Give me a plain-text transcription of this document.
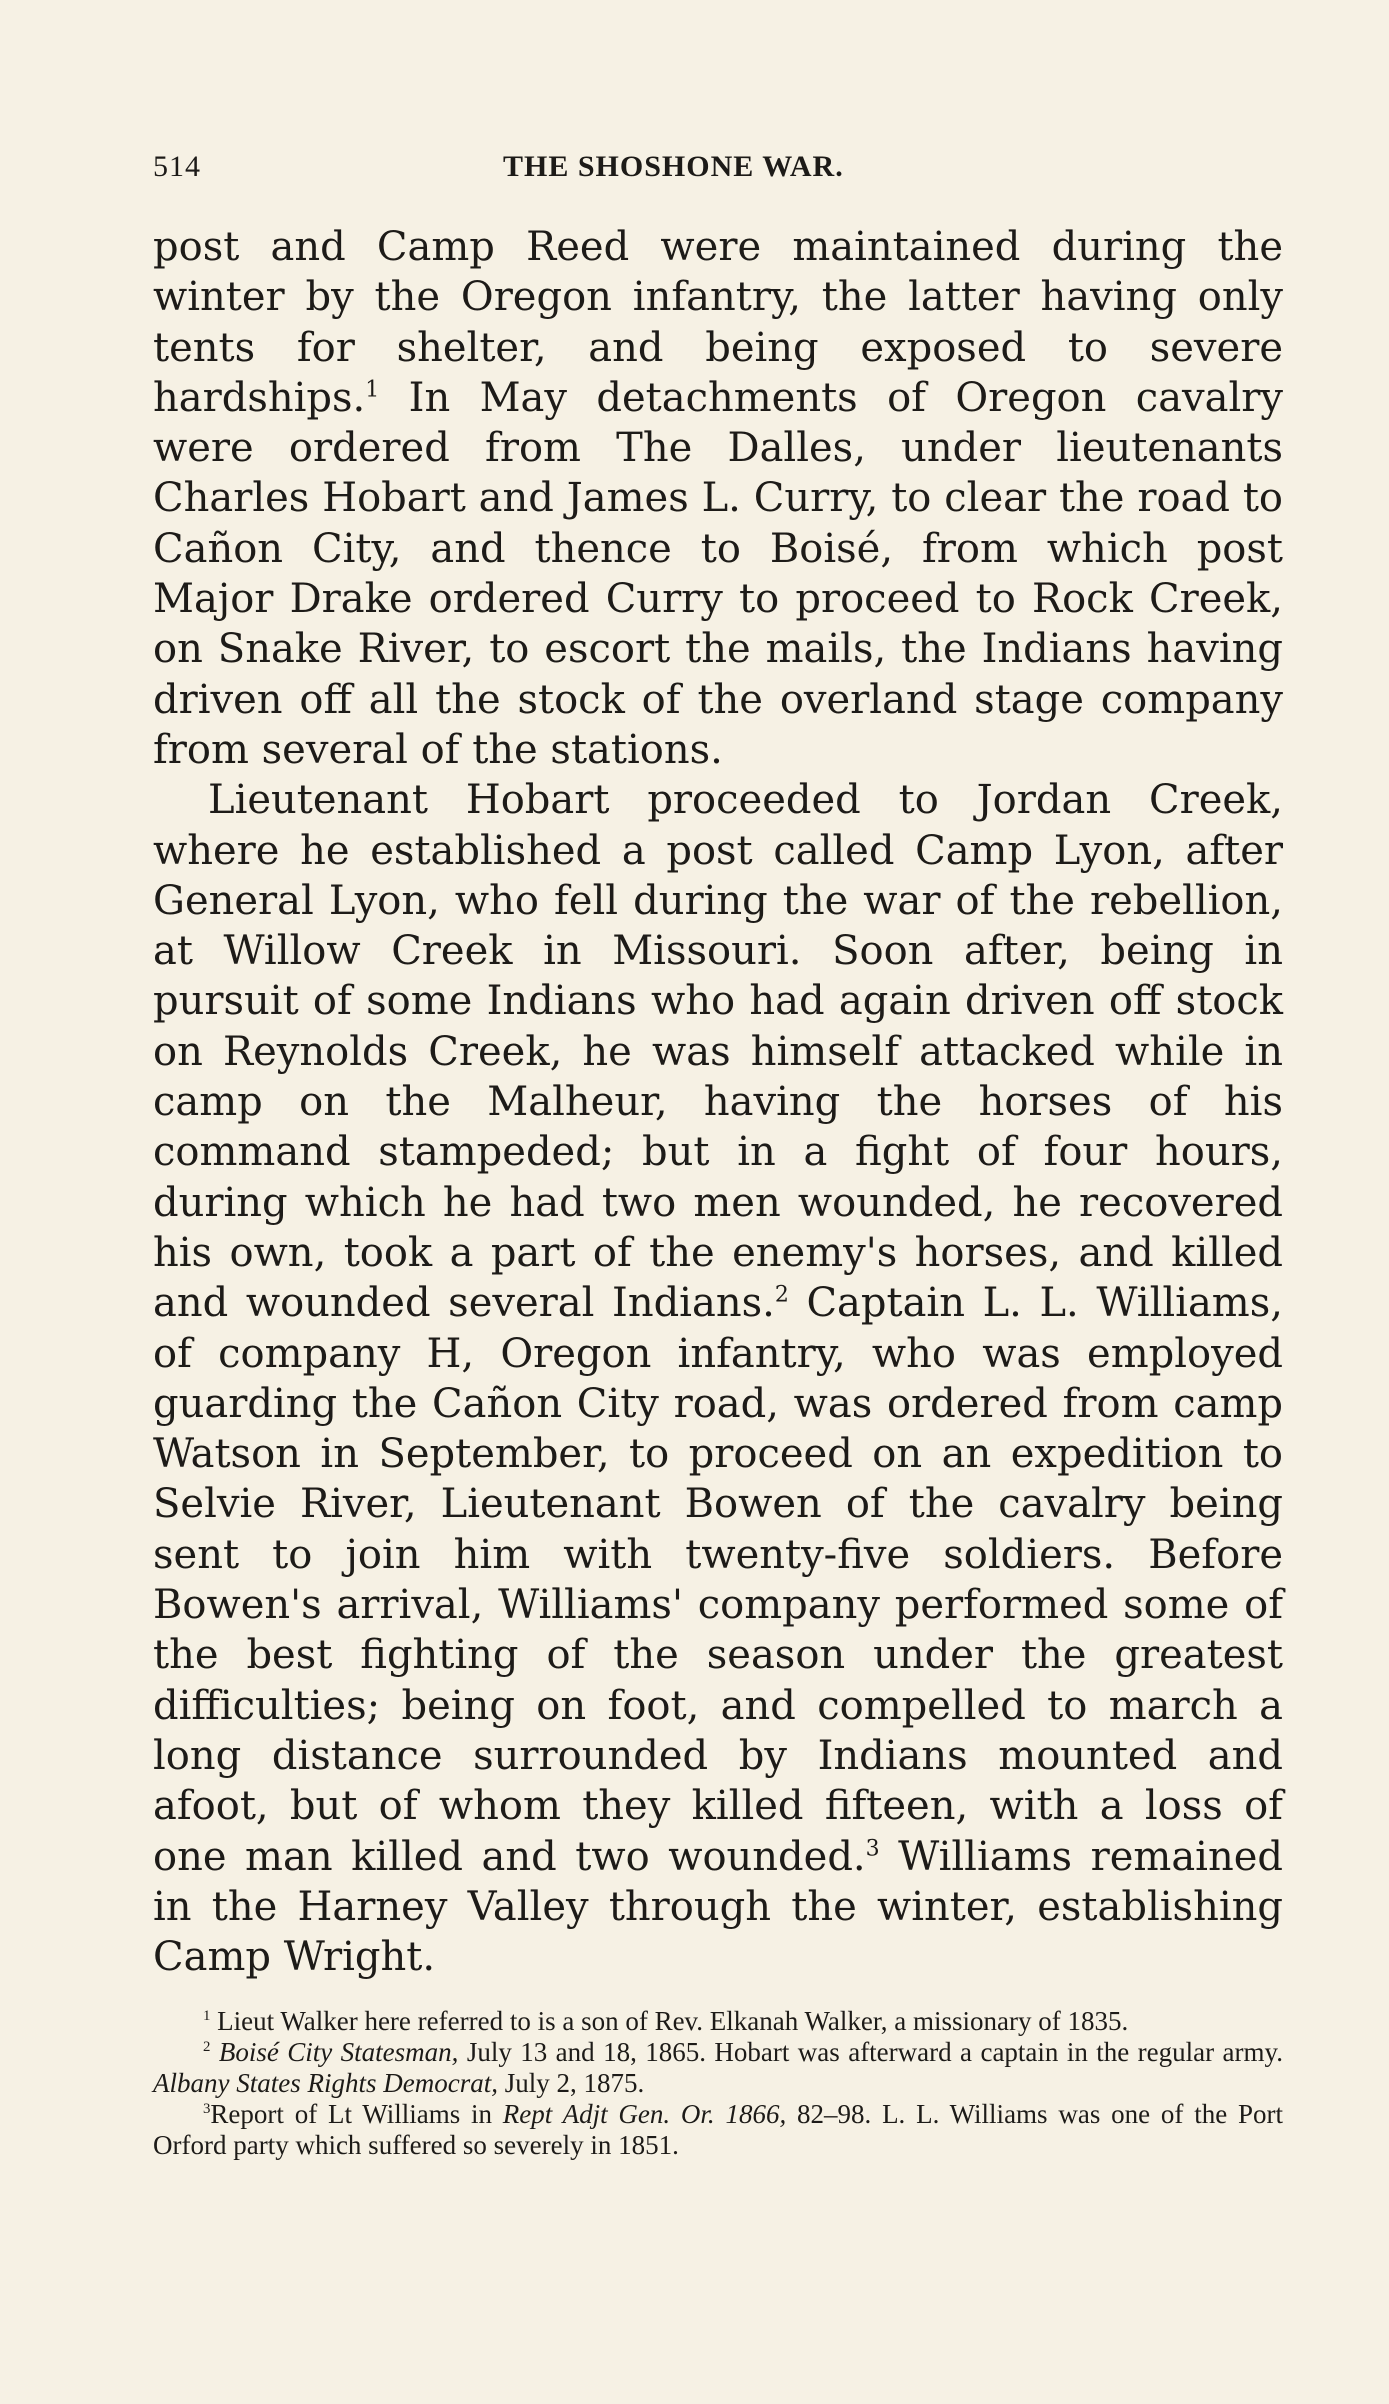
514	THE SHOSHONE WAR.

post and Camp Reed were maintained during the winter by the Oregon infantry, the latter having only tents for shelter, and being exposed to severe hardships.$^1$ In May detachments of Oregon cavalry were ordered from The Dalles, under lieutenants Charles Hobart and James L. Curry, to clear the road to Cañon City, and thence to Boisé, from which post Major Drake ordered Curry to proceed to Rock Creek, on Snake River, to escort the mails, the Indians having driven off all the stock of the overland stage company from several of the stations.

Lieutenant Hobart proceeded to Jordan Creek, where he established a post called Camp Lyon, after General Lyon, who fell during the war of the rebellion, at Willow Creek in Missouri. Soon after, being in pursuit of some Indians who had again driven off stock on Reynolds Creek, he was himself attacked while in camp on the Malheur, having the horses of his command stampeded; but in a fight of four hours, during which he had two men wounded, he recovered his own, took a part of the enemy's horses, and killed and wounded several Indians.$^2$ Captain L. L. Williams, of company H, Oregon infantry, who was employed guarding the Cañon City road, was ordered from camp Watson in September, to proceed on an expedition to Selvie River, Lieutenant Bowen of the cavalry being sent to join him with twenty-five soldiers. Before Bowen's arrival, Williams' company performed some of the best fighting of the season under the greatest difficulties; being on foot, and compelled to march a long distance surrounded by Indians mounted and afoot, but of whom they killed fifteen, with a loss of one man killed and two wounded.$^3$ Williams remained in the Harney Valley through the winter, establishing Camp Wright.

$^1$ Lieut Walker here referred to is a son of Rev. Elkanah Walker, a missionary of 1835.

$^2$ Boisé City Statesman, July 13 and 18, 1865. Hobart was afterward a captain in the regular army. Albany States Rights Democrat, July 2, 1875.

$^3$Report of Lt Williams in Rept Adjt Gen. Or. 1866, 82–98. L. L. Williams was one of the Port Orford party which suffered so severely in 1851.
